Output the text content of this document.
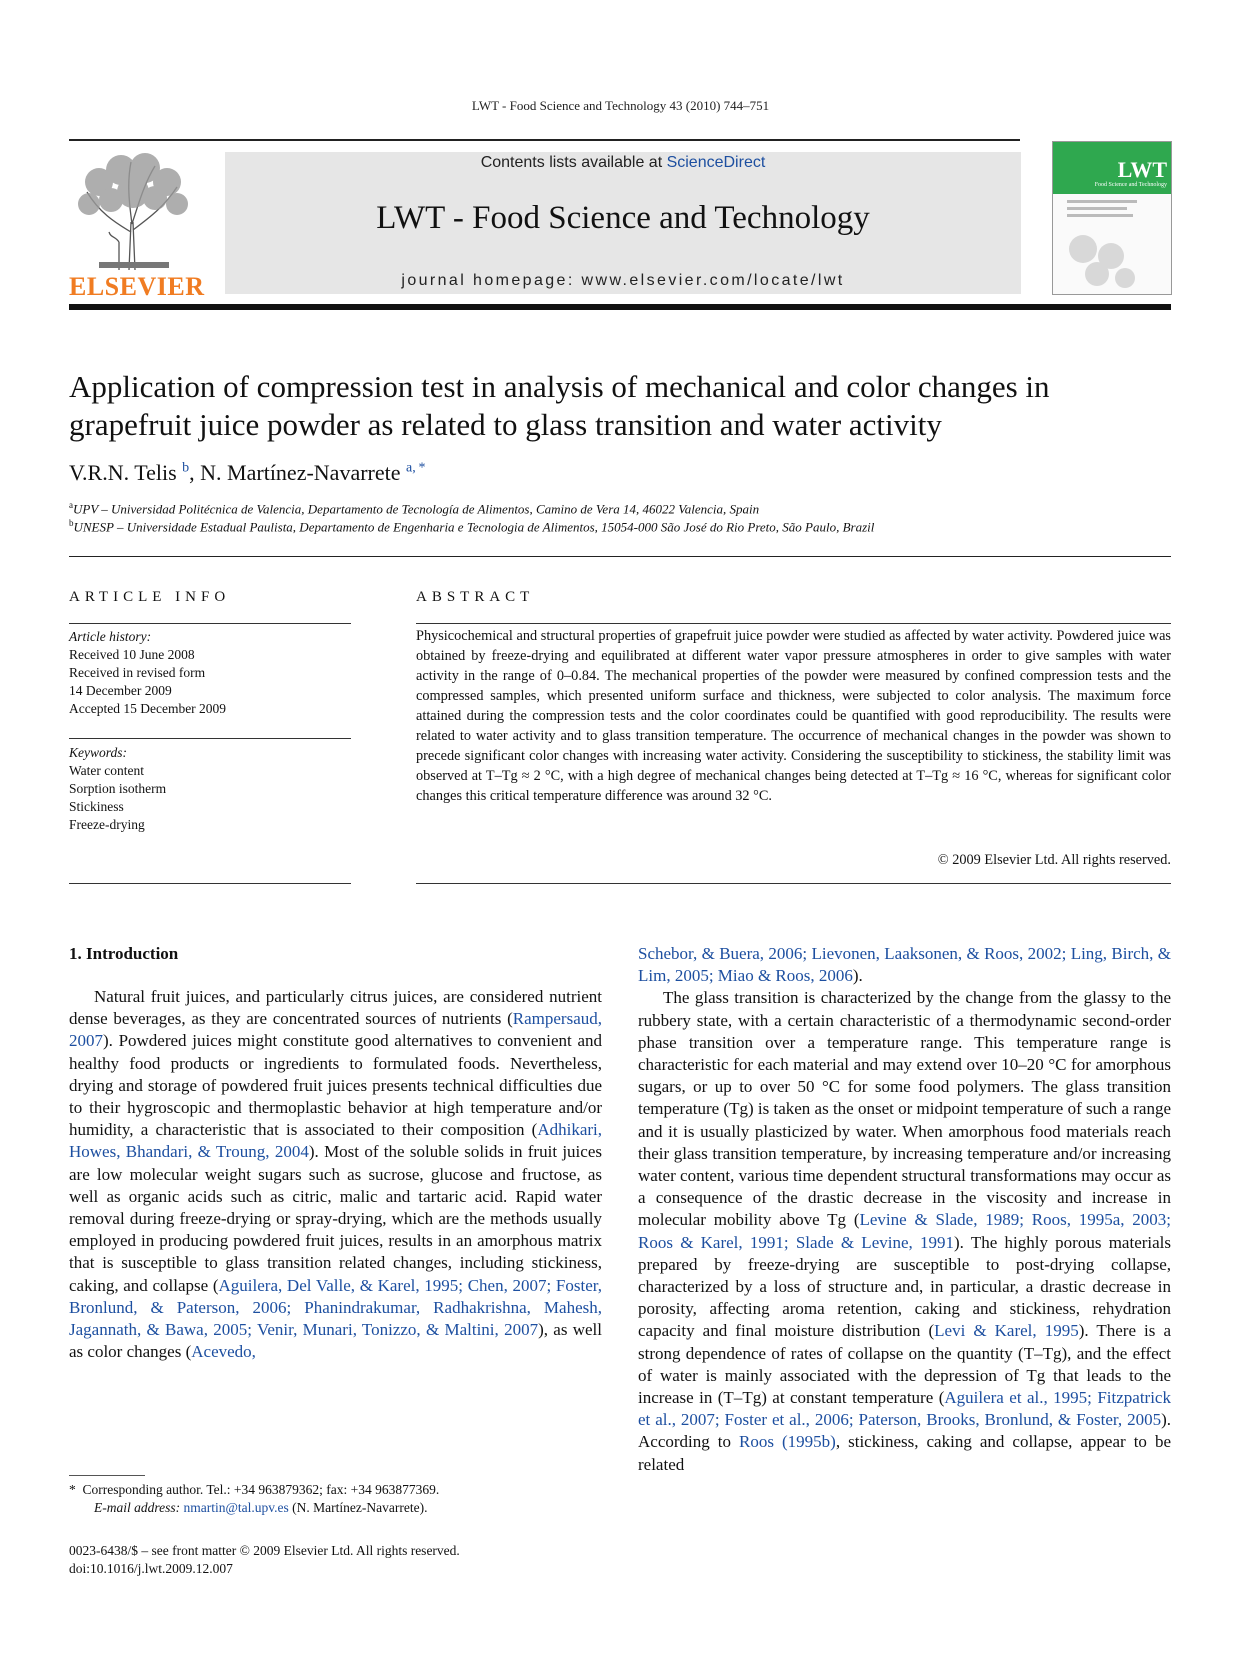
LWT - Food Science and Technology 43 (2010) 744–751
ELSEVIER
Contents lists available at ScienceDirect
LWT - Food Science and Technology
journal homepage: www.elsevier.com/locate/lwt
LWT
Food Science and Technology
Application of compression test in analysis of mechanical and color changes in grapefruit juice powder as related to glass transition and water activity
V.R.N. Telis $^b$, N. Martínez-Navarrete $^{a, *}$
$^a$UPV – Universidad Politécnica de Valencia, Departamento de Tecnología de Alimentos, Camino de Vera 14, 46022 Valencia, Spain
$^b$UNESP – Universidade Estadual Paulista, Departamento de Engenharia e Tecnologia de Alimentos, 15054-000 São José do Rio Preto, São Paulo, Brazil
ARTICLE INFO
Article history:
Received 10 June 2008
Received in revised form
14 December 2009
Accepted 15 December 2009
Keywords:
Water content
Sorption isotherm
Stickiness
Freeze-drying
ABSTRACT
Physicochemical and structural properties of grapefruit juice powder were studied as affected by water activity. Powdered juice was obtained by freeze-drying and equilibrated at different water vapor pressure atmospheres in order to give samples with water activity in the range of 0–0.84. The mechanical properties of the powder were measured by confined compression tests and the compressed samples, which presented uniform surface and thickness, were subjected to color analysis. The maximum force attained during the compression tests and the color coordinates could be quantified with good reproducibility. The results were related to water activity and to glass transition temperature. The occurrence of mechanical changes in the powder was shown to precede significant color changes with increasing water activity. Considering the susceptibility to stickiness, the stability limit was observed at T–Tg ≈ 2 °C, with a high degree of mechanical changes being detected at T–Tg ≈ 16 °C, whereas for significant color changes this critical temperature difference was around 32 °C.
© 2009 Elsevier Ltd. All rights reserved.
1. Introduction

Natural fruit juices, and particularly citrus juices, are considered nutrient dense beverages, as they are concentrated sources of nutrients (Rampersaud, 2007). Powdered juices might constitute good alternatives to convenient and healthy food products or ingredients to formulated foods. Nevertheless, drying and storage of powdered fruit juices presents technical difficulties due to their hygroscopic and thermoplastic behavior at high temperature and/or humidity, a characteristic that is associated to their composition (Adhikari, Howes, Bhandari, & Troung, 2004). Most of the soluble solids in fruit juices are low molecular weight sugars such as sucrose, glucose and fructose, as well as organic acids such as citric, malic and tartaric acid. Rapid water removal during freeze-drying or spray-drying, which are the methods usually employed in producing powdered fruit juices, results in an amorphous matrix that is susceptible to glass transition related changes, including stickiness, caking, and collapse (Aguilera, Del Valle, & Karel, 1995; Chen, 2007; Foster, Bronlund, & Paterson, 2006; Phanindrakumar, Radhakrishna, Mahesh, Jagannath, & Bawa, 2005; Venir, Munari, Tonizzo, & Maltini, 2007), as well as color changes (Acevedo,

Schebor, & Buera, 2006; Lievonen, Laaksonen, & Roos, 2002; Ling, Birch, & Lim, 2005; Miao & Roos, 2006).

The glass transition is characterized by the change from the glassy to the rubbery state, with a certain characteristic of a thermodynamic second-order phase transition over a temperature range. This temperature range is characteristic for each material and may extend over 10–20 °C for amorphous sugars, or up to over 50 °C for some food polymers. The glass transition temperature (Tg) is taken as the onset or midpoint temperature of such a range and it is usually plasticized by water. When amorphous food materials reach their glass transition temperature, by increasing temperature and/or increasing water content, various time dependent structural transformations may occur as a consequence of the drastic decrease in the viscosity and increase in molecular mobility above Tg (Levine & Slade, 1989; Roos, 1995a, 2003; Roos & Karel, 1991; Slade & Levine, 1991). The highly porous materials prepared by freeze-drying are susceptible to post-drying collapse, characterized by a loss of structure and, in particular, a drastic decrease in porosity, affecting aroma retention, caking and stickiness, rehydration capacity and final moisture distribution (Levi & Karel, 1995). There is a strong dependence of rates of collapse on the quantity (T–Tg), and the effect of water is mainly associated with the depression of Tg that leads to the increase in (T–Tg) at constant temperature (Aguilera et al., 1995; Fitzpatrick et al., 2007; Foster et al., 2006; Paterson, Brooks, Bronlund, & Foster, 2005). According to Roos (1995b), stickiness, caking and collapse, appear to be related

* Corresponding author. Tel.: +34 963879362; fax: +34 963877369.
E-mail address: nmartin@tal.upv.es (N. Martínez-Navarrete).
0023-6438/$ – see front matter © 2009 Elsevier Ltd. All rights reserved.
doi:10.1016/j.lwt.2009.12.007
